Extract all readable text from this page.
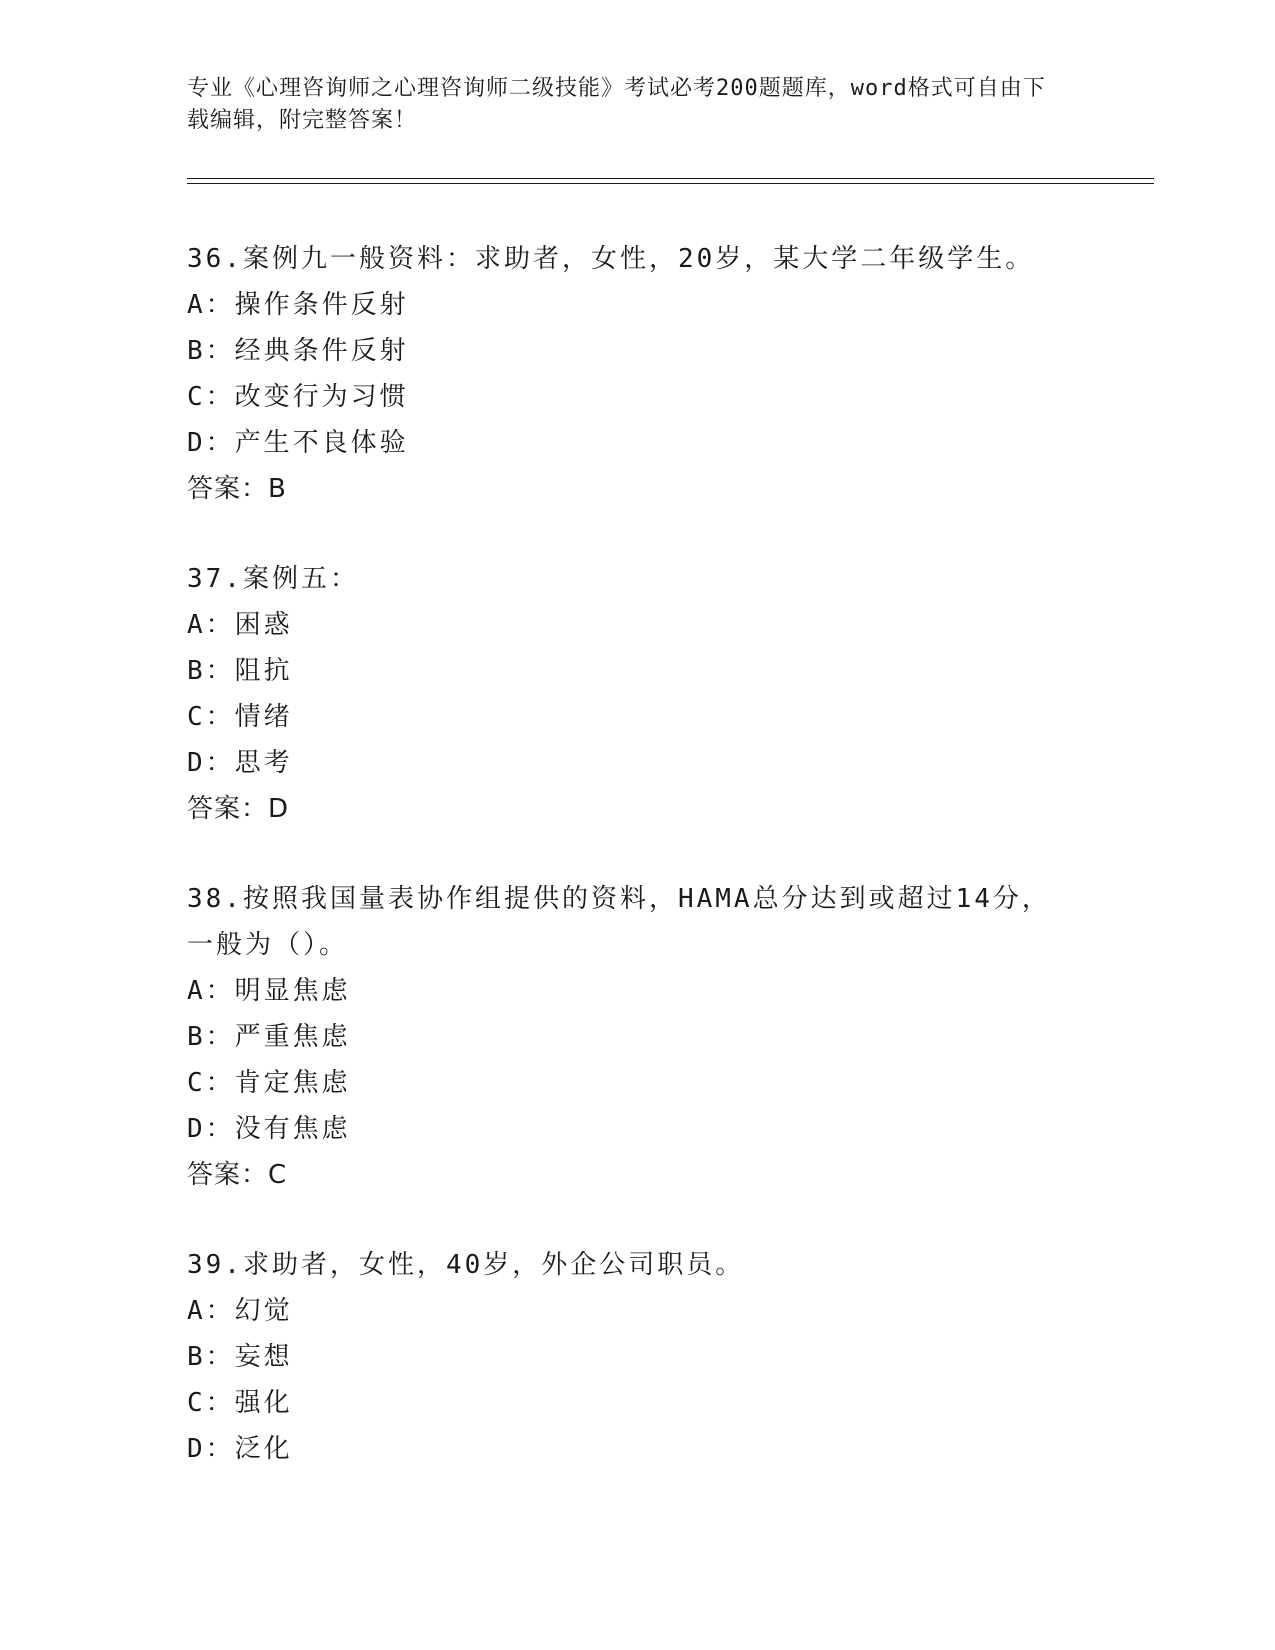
专业《心理咨询师之心理咨询师二级技能》考试必考200题题库，word格式可自由下载编辑，附完整答案！
36.案例九一般资料：求助者，女性，20岁，某大学二年级学生。
A：操作条件反射
B：经典条件反射
C：改变行为习惯
D：产生不良体验
答案：B
37.案例五：
A：困惑
B：阻抗
C：情绪
D：思考
答案：D
38.按照我国量表协作组提供的资料，HAMA总分达到或超过14分，一般为（）。
A：明显焦虑
B：严重焦虑
C：肯定焦虑
D：没有焦虑
答案：C
39.求助者，女性，40岁，外企公司职员。
A：幻觉
B：妄想
C：强化
D：泛化
